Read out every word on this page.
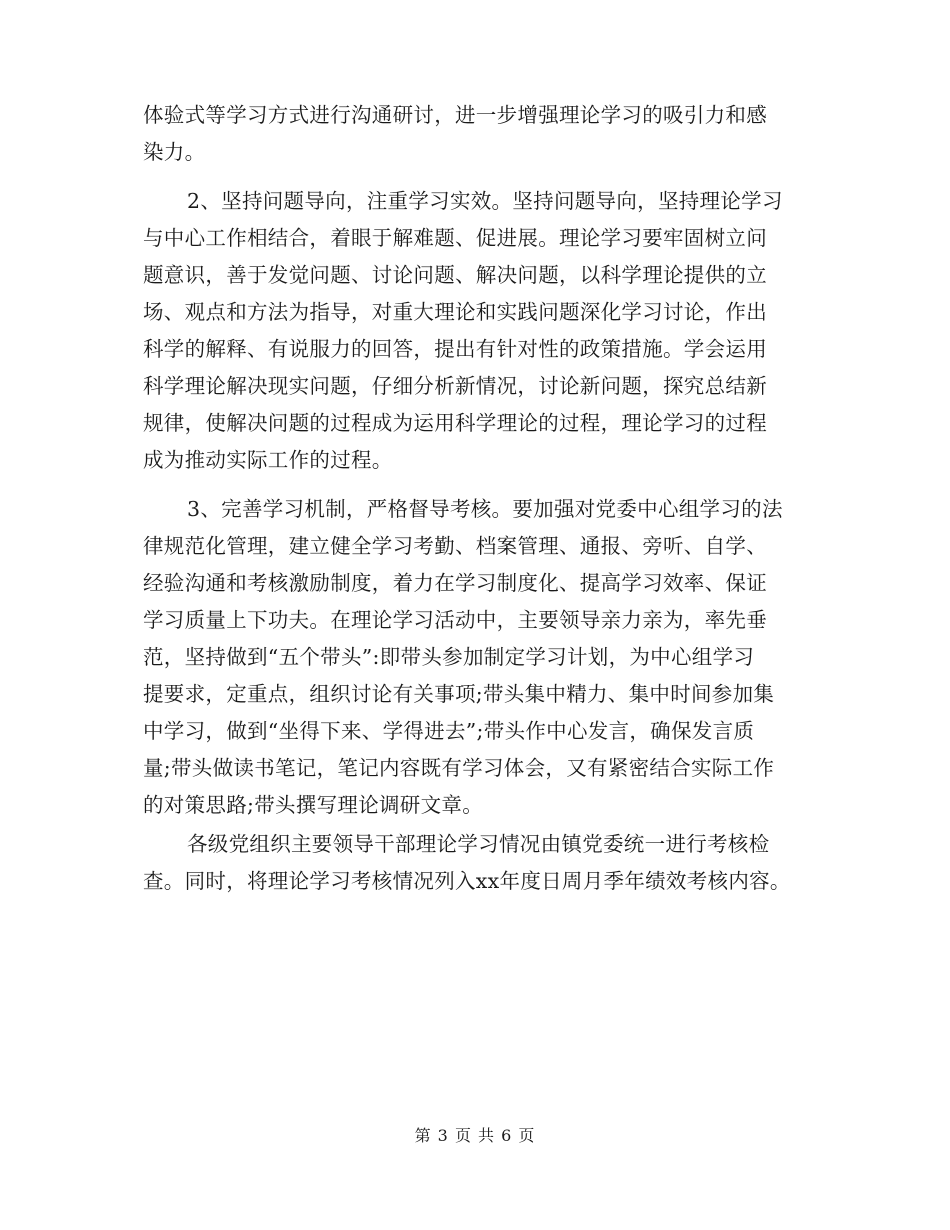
体验式等学习方式进行沟通研讨，进一步增强理论学习的吸引力和感
染力。
2、坚持问题导向，注重学习实效。坚持问题导向，坚持理论学习
与中心工作相结合，着眼于解难题、促进展。理论学习要牢固树立问
题意识，善于发觉问题、讨论问题、解决问题，以科学理论提供的立
场、观点和方法为指导，对重大理论和实践问题深化学习讨论，作出
科学的解释、有说服力的回答，提出有针对性的政策措施。学会运用
科学理论解决现实问题，仔细分析新情况，讨论新问题，探究总结新
规律，使解决问题的过程成为运用科学理论的过程，理论学习的过程
成为推动实际工作的过程。
3、完善学习机制，严格督导考核。要加强对党委中心组学习的法
律规范化管理，建立健全学习考勤、档案管理、通报、旁听、自学、
经验沟通和考核激励制度，着力在学习制度化、提高学习效率、保证
学习质量上下功夫。在理论学习活动中，主要领导亲力亲为，率先垂
范，坚持做到“五个带头”:即带头参加制定学习计划，为中心组学习
提要求，定重点，组织讨论有关事项;带头集中精力、集中时间参加集
中学习，做到“坐得下来、学得进去”;带头作中心发言，确保发言质
量;带头做读书笔记，笔记内容既有学习体会，又有紧密结合实际工作
的对策思路;带头撰写理论调研文章。
各级党组织主要领导干部理论学习情况由镇党委统一进行考核检
查。同时，将理论学习考核情况列入xx年度日周月季年绩效考核内容。
第 3 页 共 6 页
